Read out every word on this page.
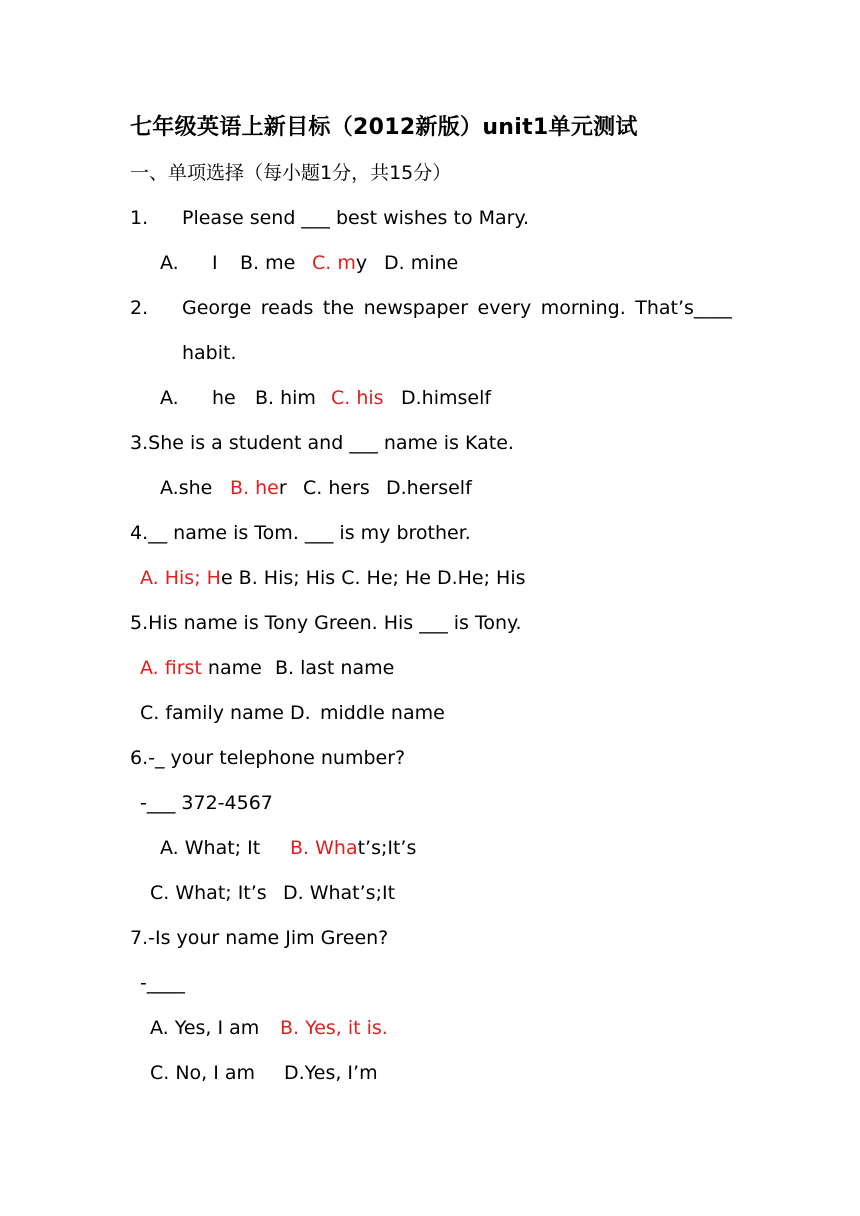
七年级英语上新目标（2012新版）unit1单元测试
一、单项选择（每小题1分，共15分）
1. Please send ___ best wishes to Mary.
A. I B. me C. my D. mine
2. George reads the newspaper every morning. That’s____
habit.
A. he B. him C. his D.himself
3.She is a student and ___ name is Kate.
A.she B. her C. hers D.herself
4.__ name is Tom. ___ is my brother.
A. His; He B. His; His C. He; He D.He; His
5.His name is Tony Green. His ___ is Tony.
A. first name B. last name
C. family name D. middle name
6.-_ your telephone number?
-___ 372-4567
A. What; It B. What’s;It’s
C. What; It’s D. What’s;It
7.-Is your name Jim Green?
-____
A. Yes, I am B. Yes, it is.
C. No, I am D.Yes, I’m
